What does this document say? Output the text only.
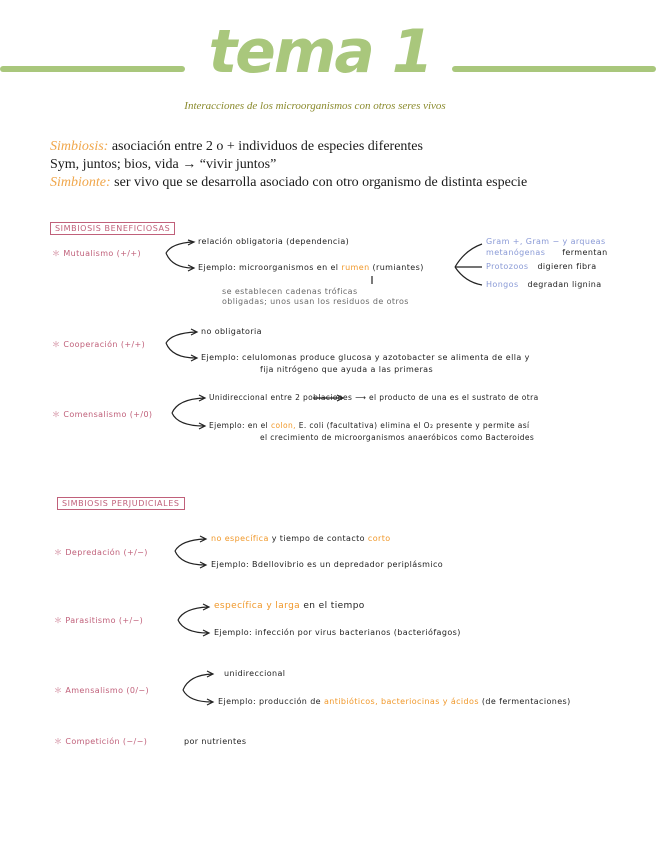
tema 1
Interacciones de los microorganismos con otros seres vivos
Simbiosis: asociación entre 2 o + individuos de especies diferentes
Sym, juntos; bios, vida → “vivir juntos”
Simbionte: ser vivo que se desarrolla asociado con otro organismo de distinta especie
SIMBIOSIS BENEFICIOSAS
＊ Mutualismo (+/+)
relación obligatoria (dependencia)
Ejemplo: microorganismos en el rumen (rumiantes)
se establecen cadenas tróficas
obligadas; unos usan los residuos de otros
Gram +, Gram − y arqueas
metanógenas fermentan
Protozoos digieren fibra
Hongos degradan lignina
＊ Cooperación (+/+)
no obligatoria
Ejemplo: celulomonas produce glucosa y azotobacter se alimenta de ella y
fija nitrógeno que ayuda a las primeras
＊ Comensalismo (+/0)
Unidireccional entre 2 poblaciones ⟶ el producto de una es el sustrato de otra
Ejemplo: en el colon, E. coli (facultativa) elimina el O₂ presente y permite así
el crecimiento de microorganismos anaeróbicos como Bacteroides
SIMBIOSIS PERJUDICIALES
＊ Depredación (+/−)
no específica y tiempo de contacto corto
Ejemplo: Bdellovibrio es un depredador periplásmico
＊ Parasitismo (+/−)
específica y larga en el tiempo
Ejemplo: infección por virus bacterianos (bacteriófagos)
＊ Amensalismo (0/−)
unidireccional
Ejemplo: producción de antibióticos, bacteriocinas y ácidos (de fermentaciones)
＊ Competición (−/−)	por nutrientes
